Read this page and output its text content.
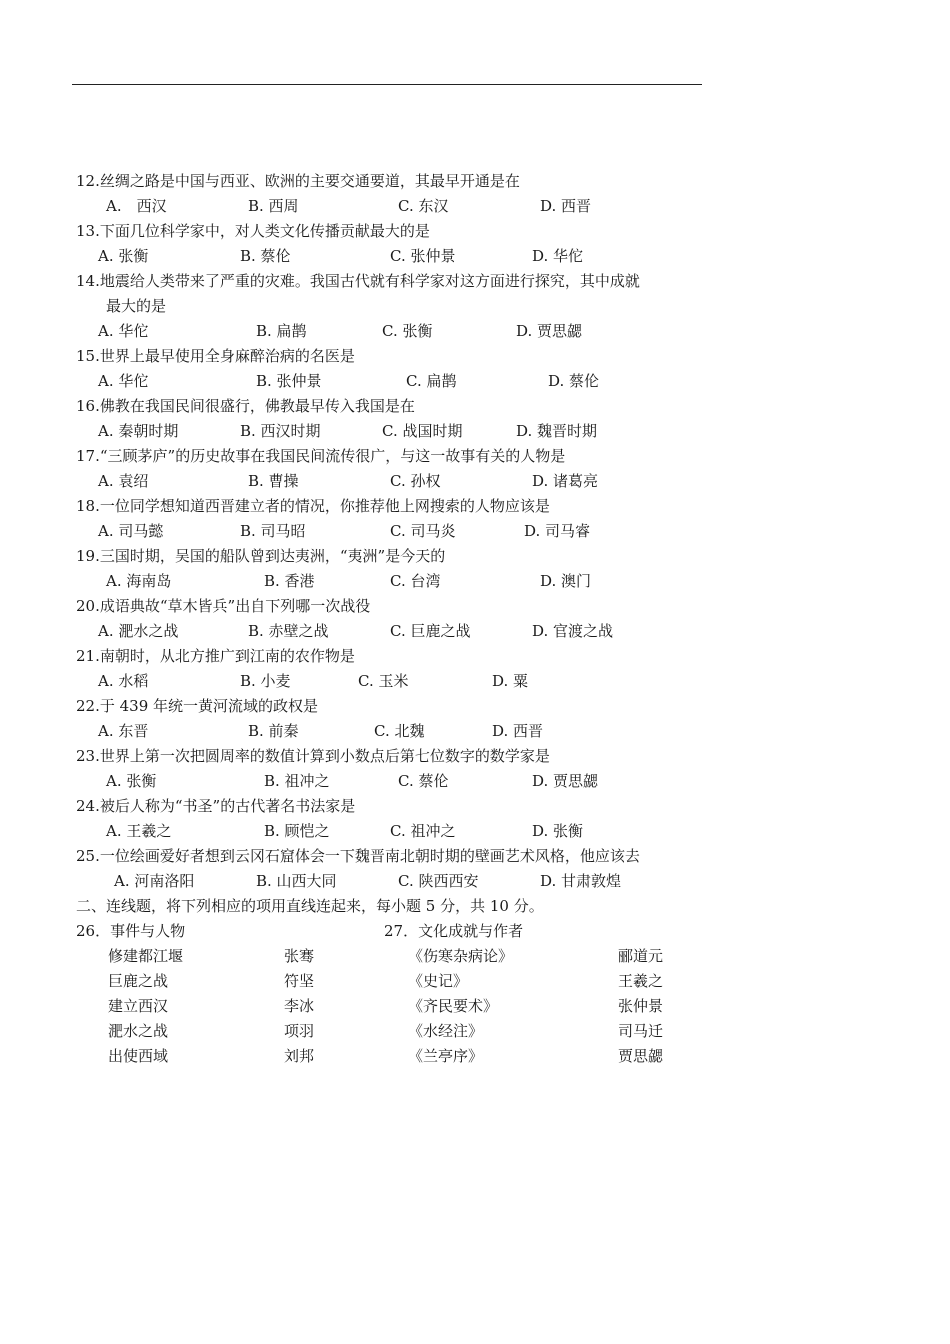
12.丝绸之路是中国与西亚、欧洲的主要交通要道，其最早开通是在
A.　西汉	B. 西周	C. 东汉	D. 西晋
13.下面几位科学家中，对人类文化传播贡献最大的是
A. 张衡	B. 蔡伦	C. 张仲景	D. 华佗
14.地震给人类带来了严重的灾难。我国古代就有科学家对这方面进行探究，其中成就
最大的是
A. 华佗	B. 扁鹊	C. 张衡	D. 贾思勰
15.世界上最早使用全身麻醉治病的名医是
A. 华佗	B. 张仲景	C. 扁鹊	D. 蔡伦
16.佛教在我国民间很盛行，佛教最早传入我国是在
A. 秦朝时期	B. 西汉时期	C. 战国时期	D. 魏晋时期
17.“三顾茅庐”的历史故事在我国民间流传很广，与这一故事有关的人物是
A. 袁绍	B. 曹操	C. 孙权	D. 诸葛亮
18.一位同学想知道西晋建立者的情况，你推荐他上网搜索的人物应该是
A. 司马懿	B. 司马昭	C. 司马炎	D. 司马睿
19.三国时期，吴国的船队曾到达夷洲，“夷洲”是今天的
A. 海南岛	B. 香港	C. 台湾	D. 澳门
20.成语典故“草木皆兵”出自下列哪一次战役
A. 淝水之战	B. 赤壁之战	C. 巨鹿之战	D. 官渡之战
21.南朝时，从北方推广到江南的农作物是
A. 水稻	B. 小麦	C. 玉米	D. 粟
22.于 439 年统一黄河流域的政权是
A. 东晋	B. 前秦	C. 北魏	D. 西晋
23.世界上第一次把圆周率的数值计算到小数点后第七位数字的数学家是
A. 张衡	B. 祖冲之	C. 蔡伦	D. 贾思勰
24.被后人称为“书圣”的古代著名书法家是
A. 王羲之	B. 顾恺之	C. 祖冲之	D. 张衡
25.一位绘画爱好者想到云冈石窟体会一下魏晋南北朝时期的壁画艺术风格，他应该去
A. 河南洛阳	B. 山西大同	C. 陕西西安	D. 甘肃敦煌
二、连线题，将下列相应的项用直线连起来，每小题 5 分，共 10 分。
26．事件与人物	27．文化成就与作者
修建都江堰	张骞	《伤寒杂病论》	郦道元
巨鹿之战	符坚	《史记》	王羲之
建立西汉	李冰	《齐民要术》	张仲景
淝水之战	项羽	《水经注》	司马迁
出使西域	刘邦	《兰亭序》	贾思勰
